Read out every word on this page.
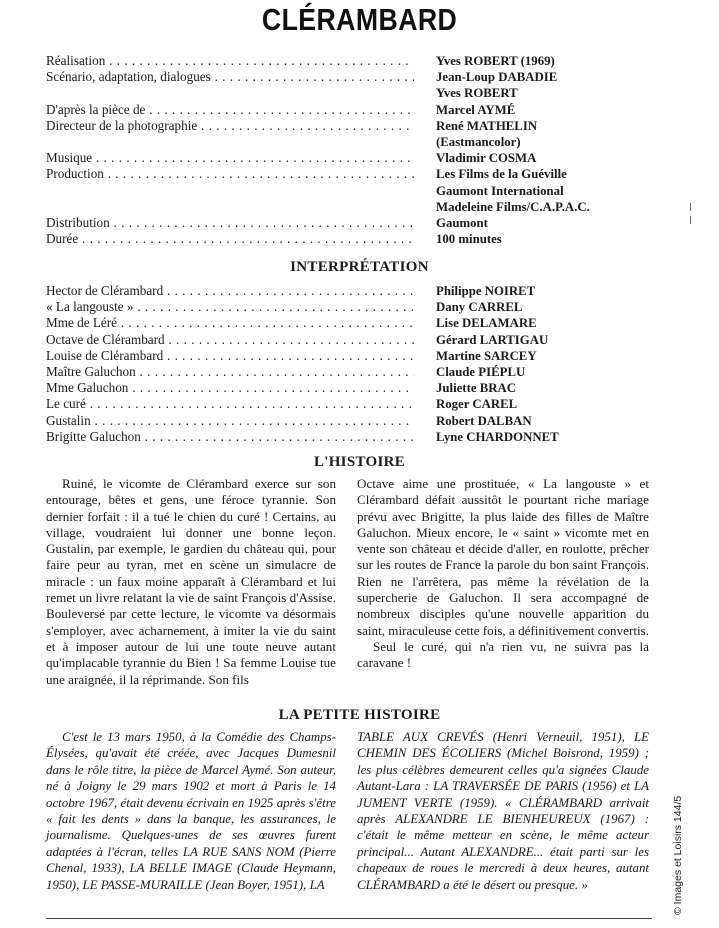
CLÉRAMBARD
Réalisation . . .	Yves ROBERT (1969)
Scénario, adaptation, dialogues . . .	Jean-Loup DABADIE
Yves ROBERT
D'après la pièce de . . .	Marcel AYMÉ
Directeur de la photographie . . .	René MATHELIN
(Eastmancolor)
Musique . . .	Vladimir COSMA
Production . . .	Les Films de la Guéville
Gaumont International
Madeleine Films/C.A.P.A.C.
Distribution . . .	Gaumont
Durée . . .	100 minutes
INTERPRÉTATION
Hector de Clérambard . . .	Philippe NOIRET
« La langouste » . . .	Dany CARREL
Mme de Léré . . .	Lise DELAMARE
Octave de Clérambard . . .	Gérard LARTIGAU
Louise de Clérambard . . .	Martine SARCEY
Maître Galuchon . . .	Claude PIÉPLU
Mme Galuchon . . .	Juliette BRAC
Le curé . . .	Roger CAREL
Gustalin . . .	Robert DALBAN
Brigitte Galuchon . . .	Lyne CHARDONNET
L'HISTOIRE

Ruiné, le vicomte de Clérambard exerce sur son entourage, bêtes et gens, une féroce tyrannie. Son dernier forfait : il a tué le chien du curé ! Certains, au village, voudraient lui donner une bonne leçon. Gustalin, par exemple, le gardien du château qui, pour faire peur au tyran, met en scène un simulacre de miracle : un faux moine apparaît à Clérambard et lui remet un livre relatant la vie de saint François d'Assise. Bouleversé par cette lecture, le vicomte va désormais s'employer, avec acharnement, à imiter la vie du saint et à imposer autour de lui une toute neuve autant qu'implacable tyrannie du Bien ! Sa femme Louise tue une araignée, il la réprimande. Son fils

Octave aime une prostituée, « La langouste » et Clérambard défait aussitôt le pourtant riche mariage prévu avec Brigitte, la plus laide des filles de Maître Galuchon. Mieux encore, le « saint » vicomte met en vente son château et décide d'aller, en roulotte, prêcher sur les routes de France la parole du bon saint François. Rien ne l'arrêtera, pas même la révélation de la supercherie de Galuchon. Il sera accompagné de nombreux disciples qu'une nouvelle apparition du saint, miraculeuse cette fois, a définitivement convertis.

Seul le curé, qui n'a rien vu, ne suivra pas la caravane !

LA PETITE HISTOIRE

C'est le 13 mars 1950, à la Comédie des Champs-Élysées, qu'avait été créée, avec Jacques Dumesnil dans le rôle titre, la pièce de Marcel Aymé. Son auteur, né à Joigny le 29 mars 1902 et mort à Paris le 14 octobre 1967, était devenu écrivain en 1925 après s'être « fait les dents » dans la banque, les assurances, le journalisme. Quelques-unes de ses œuvres furent adaptées à l'écran, telles LA RUE SANS NOM (Pierre Chenal, 1933), LA BELLE IMAGE (Claude Heymann, 1950), LE PASSE-MURAILLE (Jean Boyer, 1951), LA

TABLE AUX CREVÉS (Henri Verneuil, 1951), LE CHEMIN DES ÉCOLIERS (Michel Boisrond, 1959) ; les plus célèbres demeurent celles qu'a signées Claude Autant-Lara : LA TRAVERSÉE DE PARIS (1956) et LA JUMENT VERTE (1959). « CLÉRAMBARD arrivait après ALEXANDRE LE BIENHEUREUX (1967) : c'était le même metteur en scène, le même acteur principal... Autant ALEXANDRE... était parti sur les chapeaux de roues le mercredi à deux heures, autant CLÉRAMBARD a été le désert ou presque. »	© Images et Loisirs 144/5
